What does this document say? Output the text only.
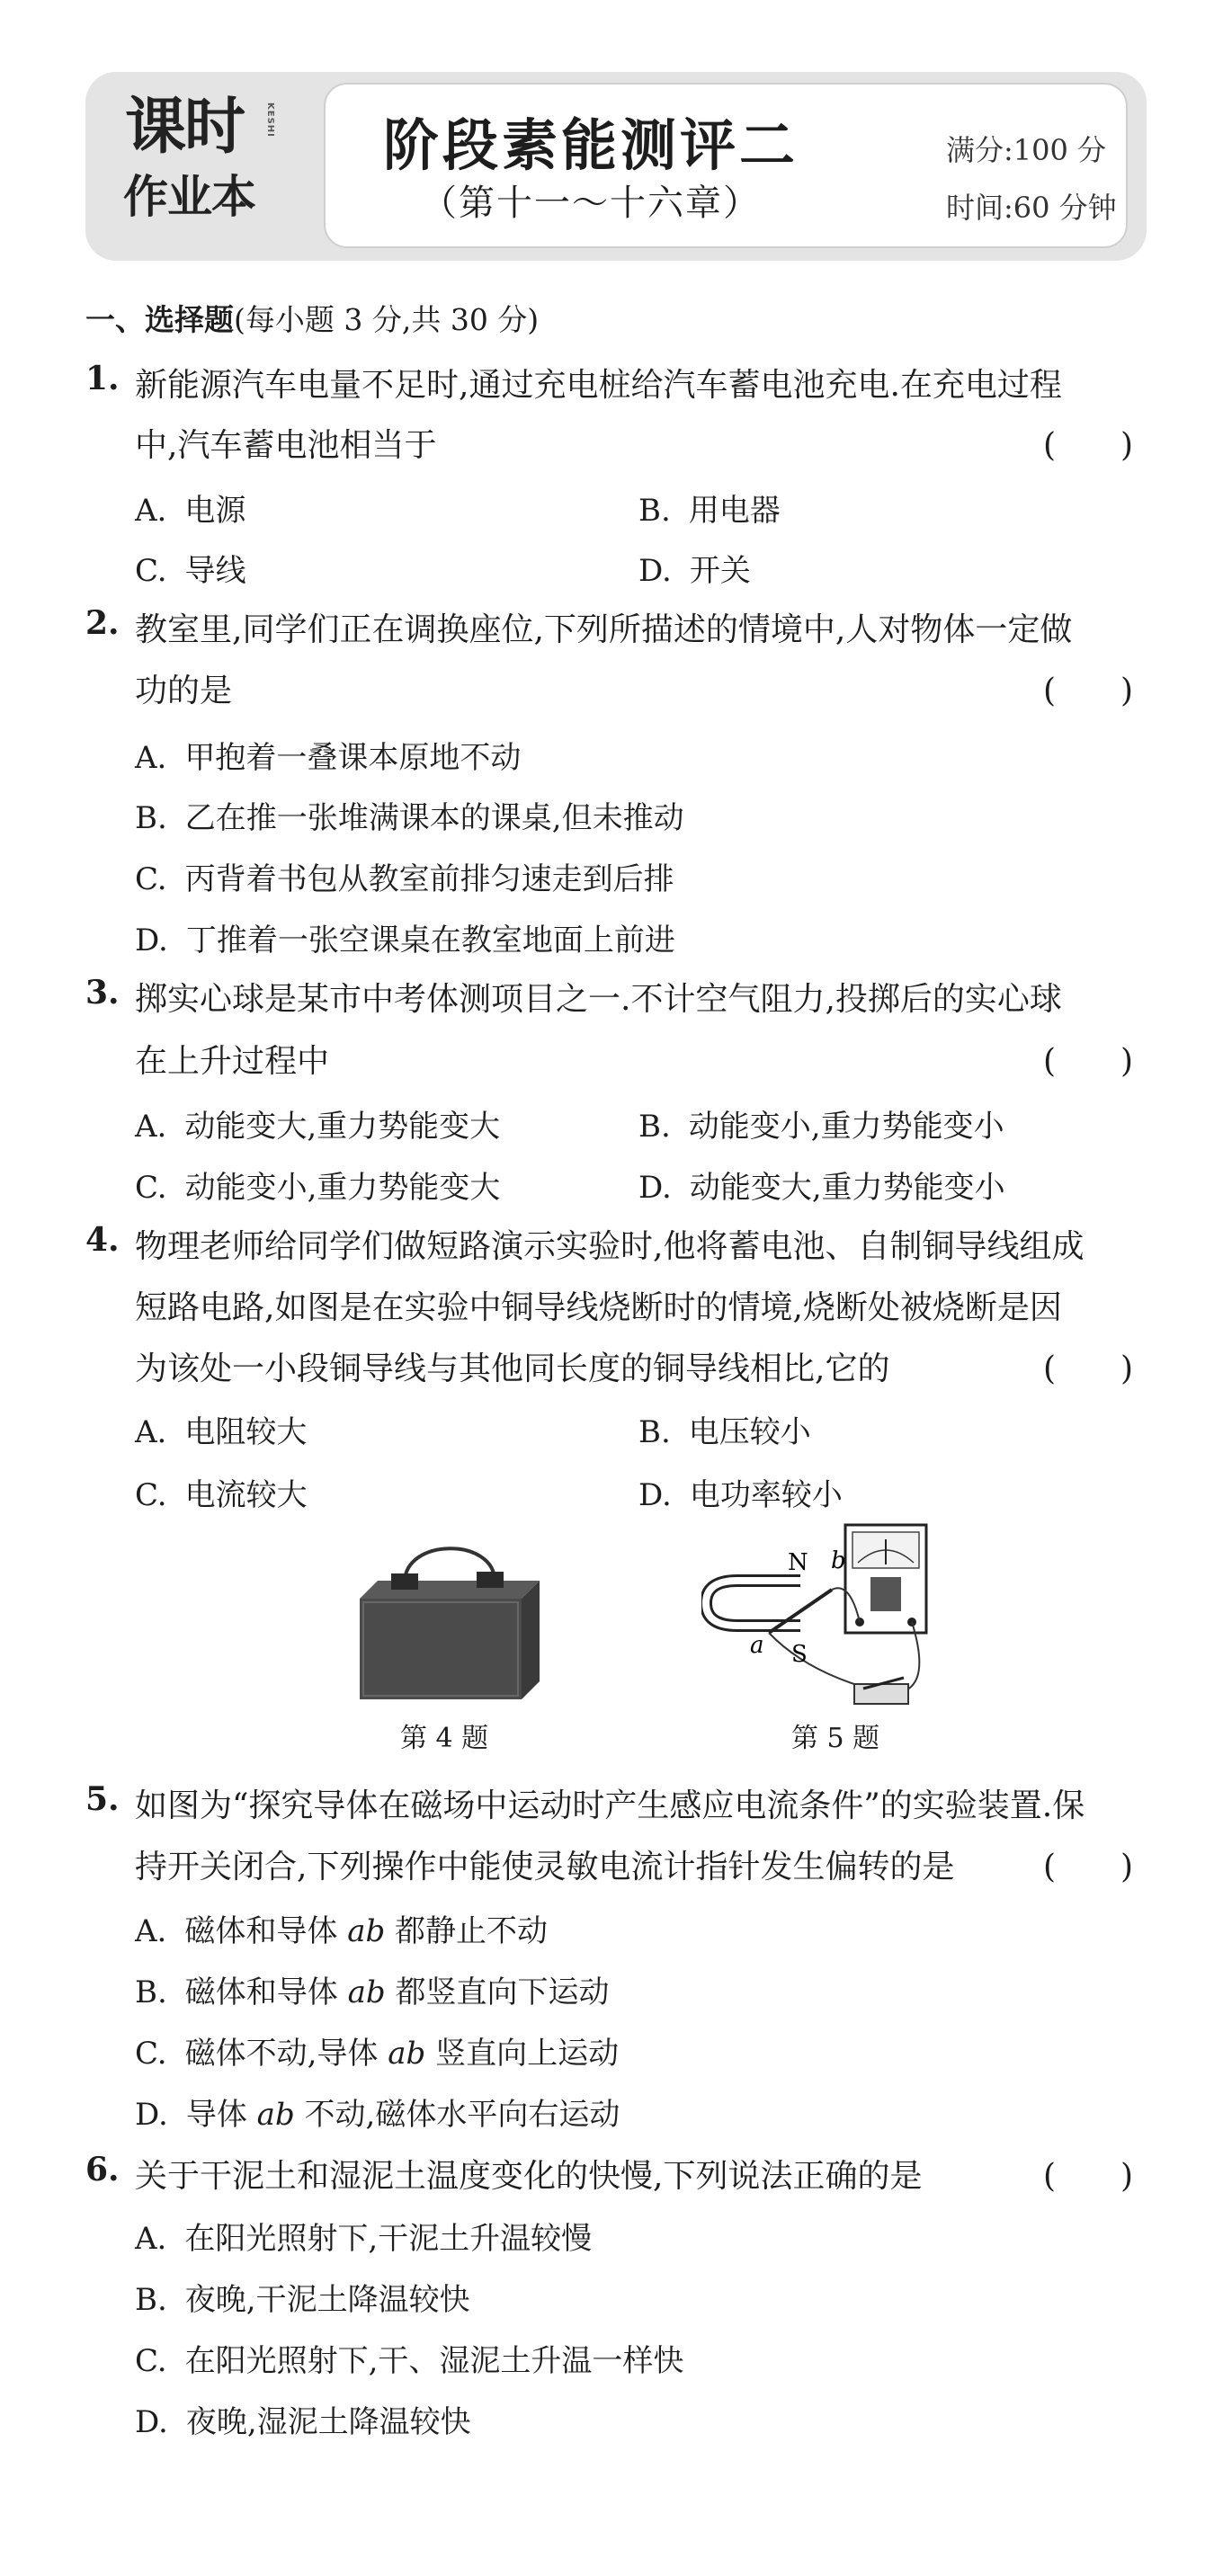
课时 KESHI
作业本
阶段素能测评二
（第十一～十六章）
满分:100 分
时间:60 分钟
一、选择题(每小题 3 分,共 30 分)
1. 新能源汽车电量不足时,通过充电桩给汽车蓄电池充电.在充电过程
中,汽车蓄电池相当于	(　　)
A. 电源	B. 用电器
C. 导线	D. 开关
2. 教室里,同学们正在调换座位,下列所描述的情境中,人对物体一定做
功的是	(　　)
A. 甲抱着一叠课本原地不动
B. 乙在推一张堆满课本的课桌,但未推动
C. 丙背着书包从教室前排匀速走到后排
D. 丁推着一张空课桌在教室地面上前进
3. 掷实心球是某市中考体测项目之一.不计空气阻力,投掷后的实心球
在上升过程中	(　　)
A. 动能变大,重力势能变大	B. 动能变小,重力势能变小
C. 动能变小,重力势能变大	D. 动能变大,重力势能变小
4. 物理老师给同学们做短路演示实验时,他将蓄电池、自制铜导线组成
短路电路,如图是在实验中铜导线烧断时的情境,烧断处被烧断是因
为该处一小段铜导线与其他同长度的铜导线相比,它的	(　　)
A. 电阻较大	B. 电压较小
C. 电流较大	D. 电功率较小
第 4 题
N
S
a
b
第 5 题
5. 如图为“探究导体在磁场中运动时产生感应电流条件”的实验装置.保
持开关闭合,下列操作中能使灵敏电流计指针发生偏转的是	(　　)
A. 磁体和导体 ab 都静止不动
B. 磁体和导体 ab 都竖直向下运动
C. 磁体不动,导体 ab 竖直向上运动
D. 导体 ab 不动,磁体水平向右运动
6. 关于干泥土和湿泥土温度变化的快慢,下列说法正确的是	(　　)
A. 在阳光照射下,干泥土升温较慢
B. 夜晚,干泥土降温较快
C. 在阳光照射下,干、湿泥土升温一样快
D. 夜晚,湿泥土降温较快
